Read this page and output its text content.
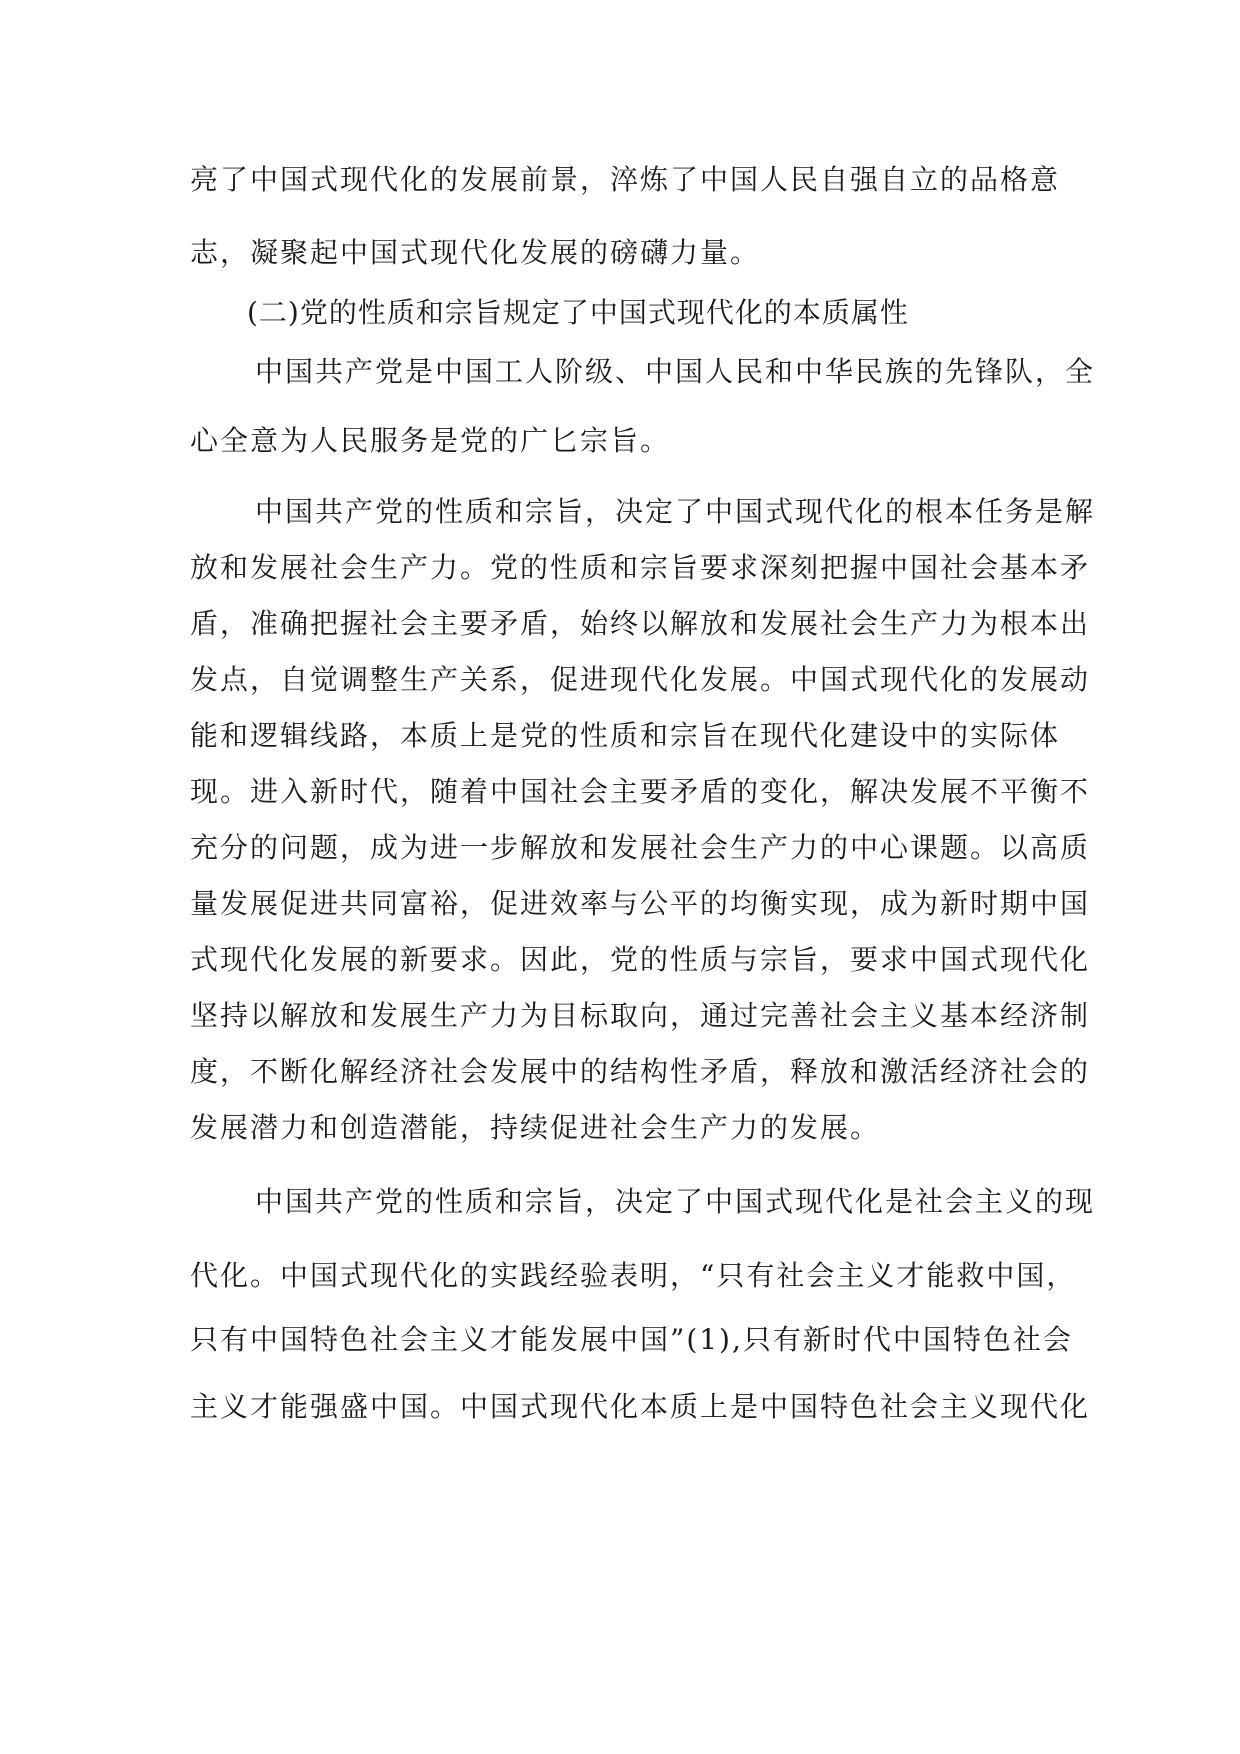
亮了中国式现代化的发展前景，淬炼了中国人民自强自立的品格意
志，凝聚起中国式现代化发展的磅礴力量。
(二)党的性质和宗旨规定了中国式现代化的本质属性
中国共产党是中国工人阶级、中国人民和中华民族的先锋队，全
心全意为人民服务是党的广匕宗旨。
中国共产党的性质和宗旨，决定了中国式现代化的根本任务是解
放和发展社会生产力。党的性质和宗旨要求深刻把握中国社会基本矛
盾，准确把握社会主要矛盾，始终以解放和发展社会生产力为根本出
发点，自觉调整生产关系，促进现代化发展。中国式现代化的发展动
能和逻辑线路，本质上是党的性质和宗旨在现代化建设中的实际体
现。进入新时代，随着中国社会主要矛盾的变化，解决发展不平衡不
充分的问题，成为进一步解放和发展社会生产力的中心课题。以高质
量发展促进共同富裕，促进效率与公平的均衡实现，成为新时期中国
式现代化发展的新要求。因此，党的性质与宗旨，要求中国式现代化
坚持以解放和发展生产力为目标取向，通过完善社会主义基本经济制
度，不断化解经济社会发展中的结构性矛盾，释放和激活经济社会的
发展潜力和创造潜能，持续促进社会生产力的发展。
中国共产党的性质和宗旨，决定了中国式现代化是社会主义的现
代化。中国式现代化的实践经验表明，“只有社会主义才能救中国，
只有中国特色社会主义才能发展中国”(1),只有新时代中国特色社会
主义才能强盛中国。中国式现代化本质上是中国特色社会主义现代化
